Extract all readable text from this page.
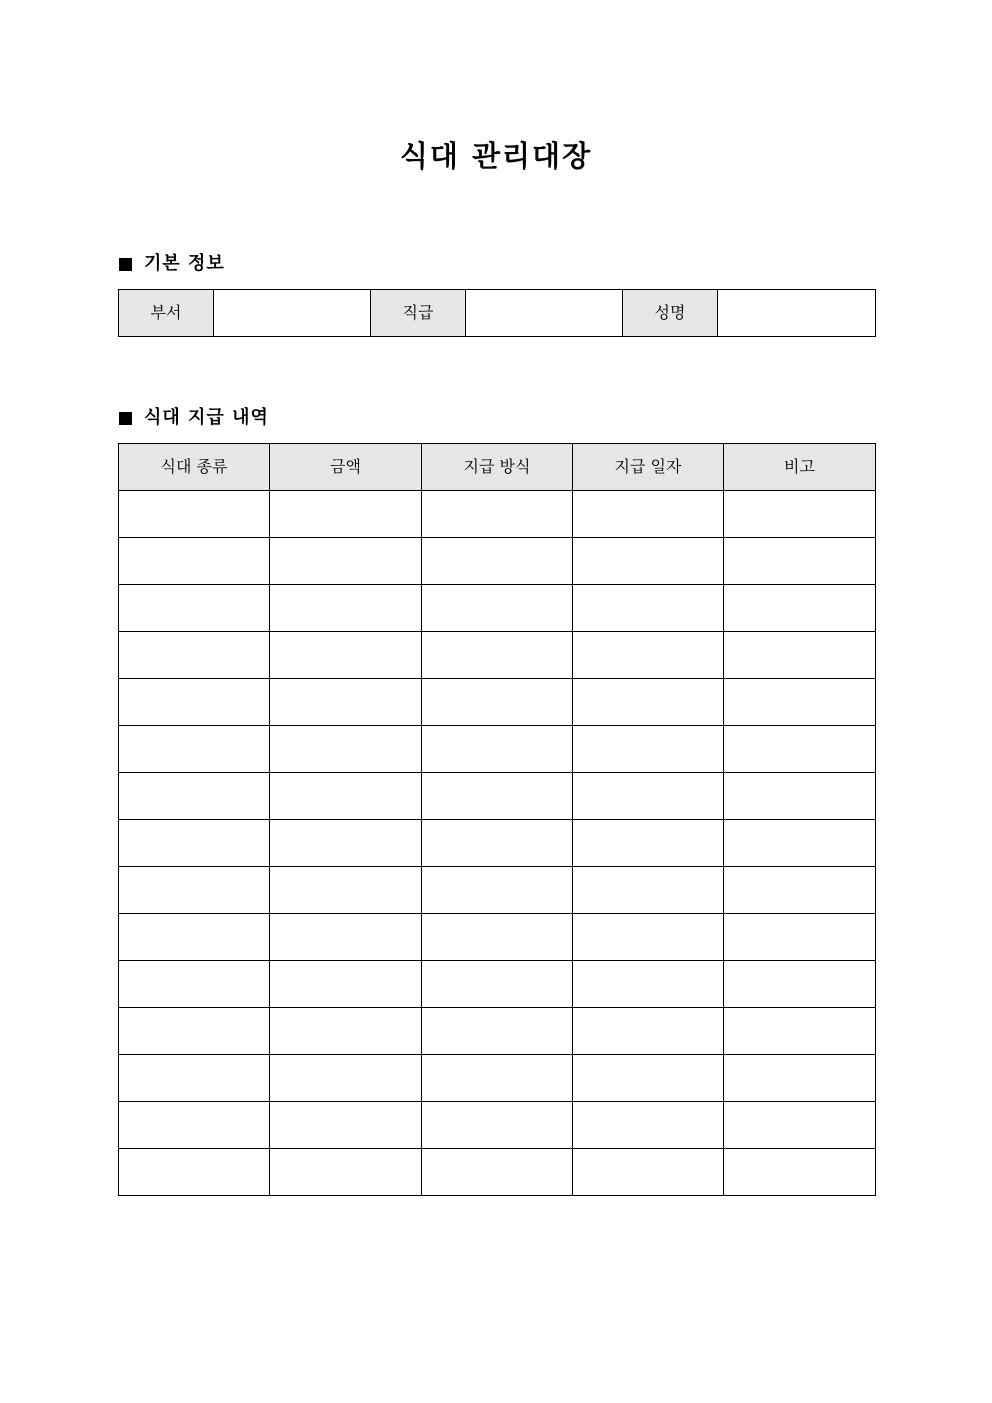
식대 관리대장
기본 정보
부서		직급		성명	
식대 지급 내역
식대 종류	금액	지급 방식	지급 일자	비고
